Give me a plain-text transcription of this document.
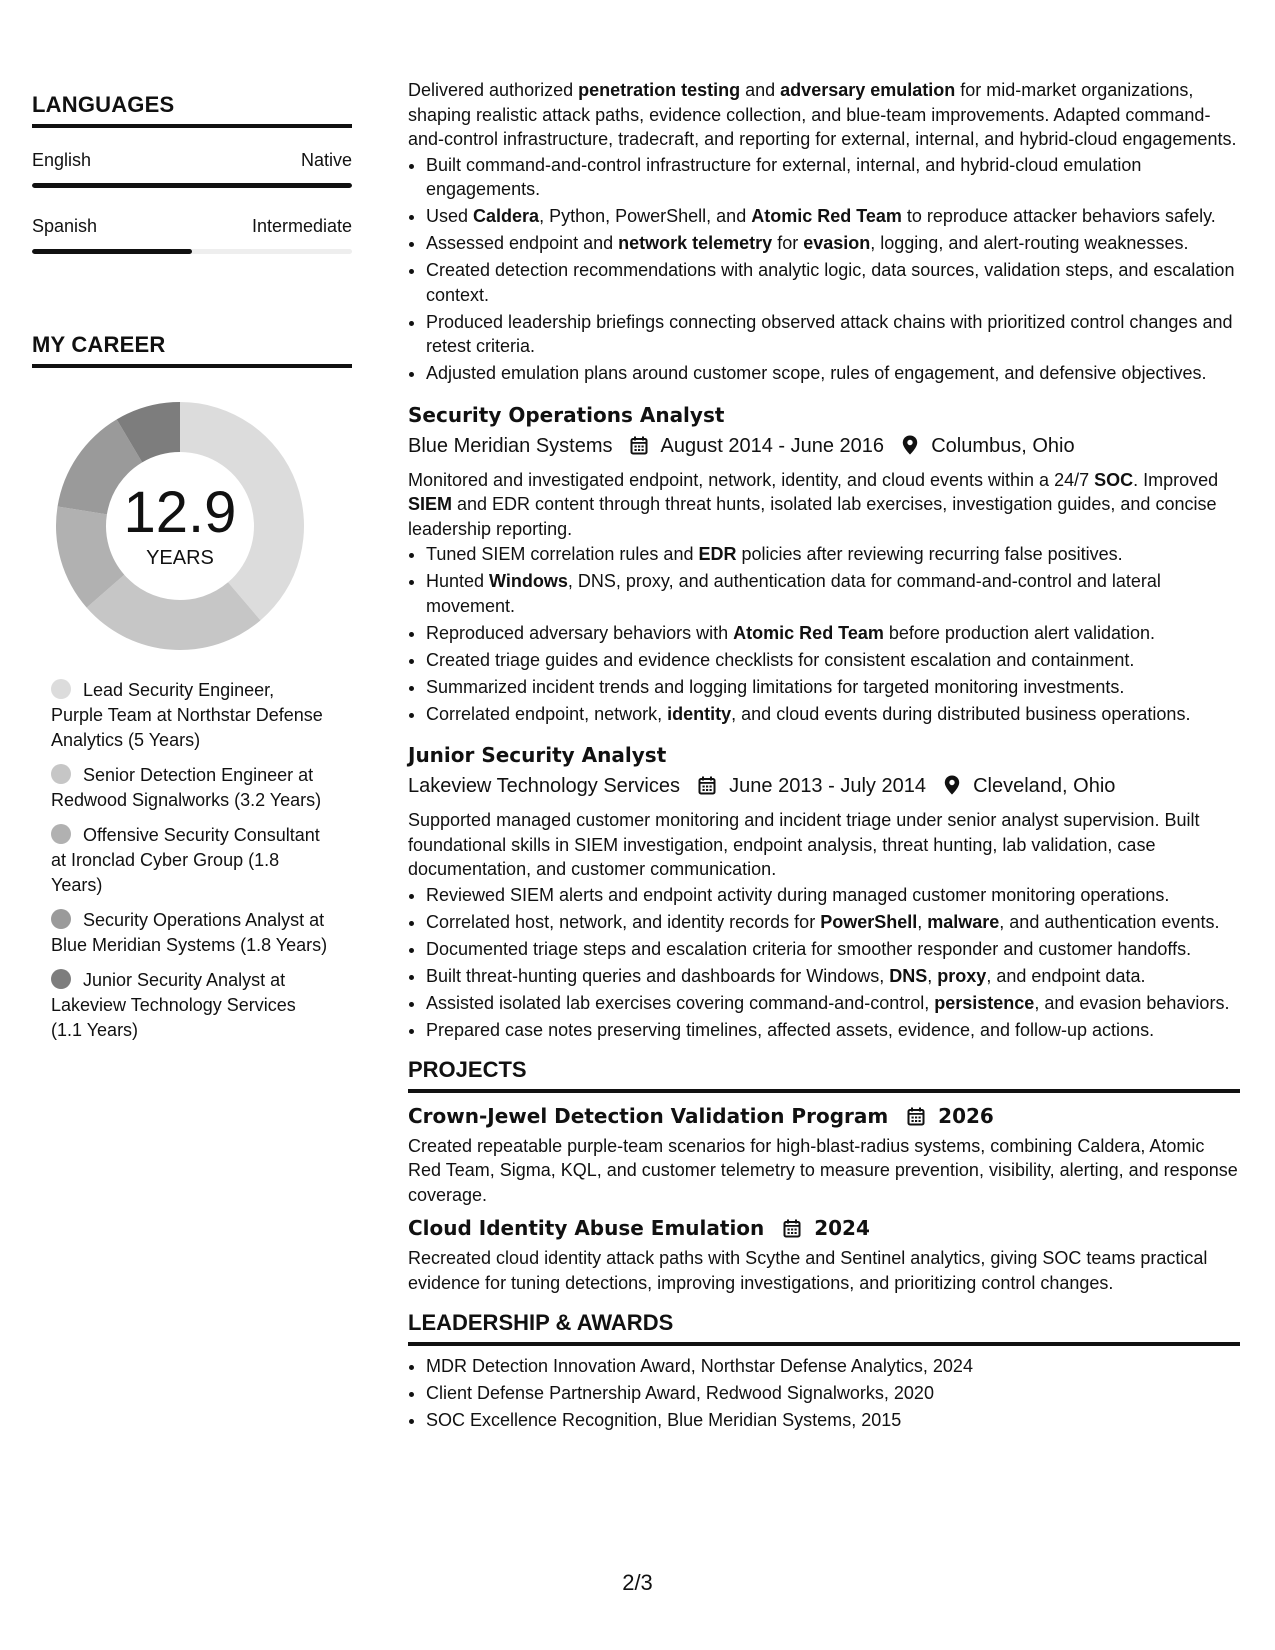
LANGUAGES
English	Native
Spanish	Intermediate
MY CAREER
12.9
YEARS
Lead Security Engineer, Purple Team at Northstar Defense Analytics (5 Years)
Senior Detection Engineer at Redwood Signalworks (3.2 Years)
Offensive Security Consultant at Ironclad Cyber Group (1.8 Years)
Security Operations Analyst at Blue Meridian Systems (1.8 Years)
Junior Security Analyst at Lakeview Technology Services (1.1 Years)

Delivered authorized penetration testing and adversary emulation for mid-market organizations, shaping realistic attack paths, evidence collection, and blue-team improvements. Adapted command-and-control infrastructure, tradecraft, and reporting for external, internal, and hybrid-cloud engagements.

• Built command-and-control infrastructure for external, internal, and hybrid-cloud emulation engagements.
• Used Caldera, Python, PowerShell, and Atomic Red Team to reproduce attacker behaviors safely.
• Assessed endpoint and network telemetry for evasion, logging, and alert-routing weaknesses.
• Created detection recommendations with analytic logic, data sources, validation steps, and escalation context.
• Produced leadership briefings connecting observed attack chains with prioritized control changes and retest criteria.
• Adjusted emulation plans around customer scope, rules of engagement, and defensive objectives.
Security Operations Analyst
Blue Meridian Systems August 2014 - June 2016 Columbus, Ohio

Monitored and investigated endpoint, network, identity, and cloud events within a 24/7 SOC. Improved SIEM and EDR content through threat hunts, isolated lab exercises, investigation guides, and concise leadership reporting.

• Tuned SIEM correlation rules and EDR policies after reviewing recurring false positives.
• Hunted Windows, DNS, proxy, and authentication data for command-and-control and lateral movement.
• Reproduced adversary behaviors with Atomic Red Team before production alert validation.
• Created triage guides and evidence checklists for consistent escalation and containment.
• Summarized incident trends and logging limitations for targeted monitoring investments.
• Correlated endpoint, network, identity, and cloud events during distributed business operations.
Junior Security Analyst
Lakeview Technology Services June 2013 - July 2014 Cleveland, Ohio

Supported managed customer monitoring and incident triage under senior analyst supervision. Built foundational skills in SIEM investigation, endpoint analysis, threat hunting, lab validation, case documentation, and customer communication.

• Reviewed SIEM alerts and endpoint activity during managed customer monitoring operations.
• Correlated host, network, and identity records for PowerShell, malware, and authentication events.
• Documented triage steps and escalation criteria for smoother responder and customer handoffs.
• Built threat-hunting queries and dashboards for Windows, DNS, proxy, and endpoint data.
• Assisted isolated lab exercises covering command-and-control, persistence, and evasion behaviors.
• Prepared case notes preserving timelines, affected assets, evidence, and follow-up actions.
PROJECTS
Crown-Jewel Detection Validation Program 2026

Created repeatable purple-team scenarios for high-blast-radius systems, combining Caldera, Atomic Red Team, Sigma, KQL, and customer telemetry to measure prevention, visibility, alerting, and response coverage.

Cloud Identity Abuse Emulation 2024

Recreated cloud identity attack paths with Scythe and Sentinel analytics, giving SOC teams practical evidence for tuning detections, improving investigations, and prioritizing control changes.

LEADERSHIP & AWARDS
• MDR Detection Innovation Award, Northstar Defense Analytics, 2024
• Client Defense Partnership Award, Redwood Signalworks, 2020
• SOC Excellence Recognition, Blue Meridian Systems, 2015
2/3
